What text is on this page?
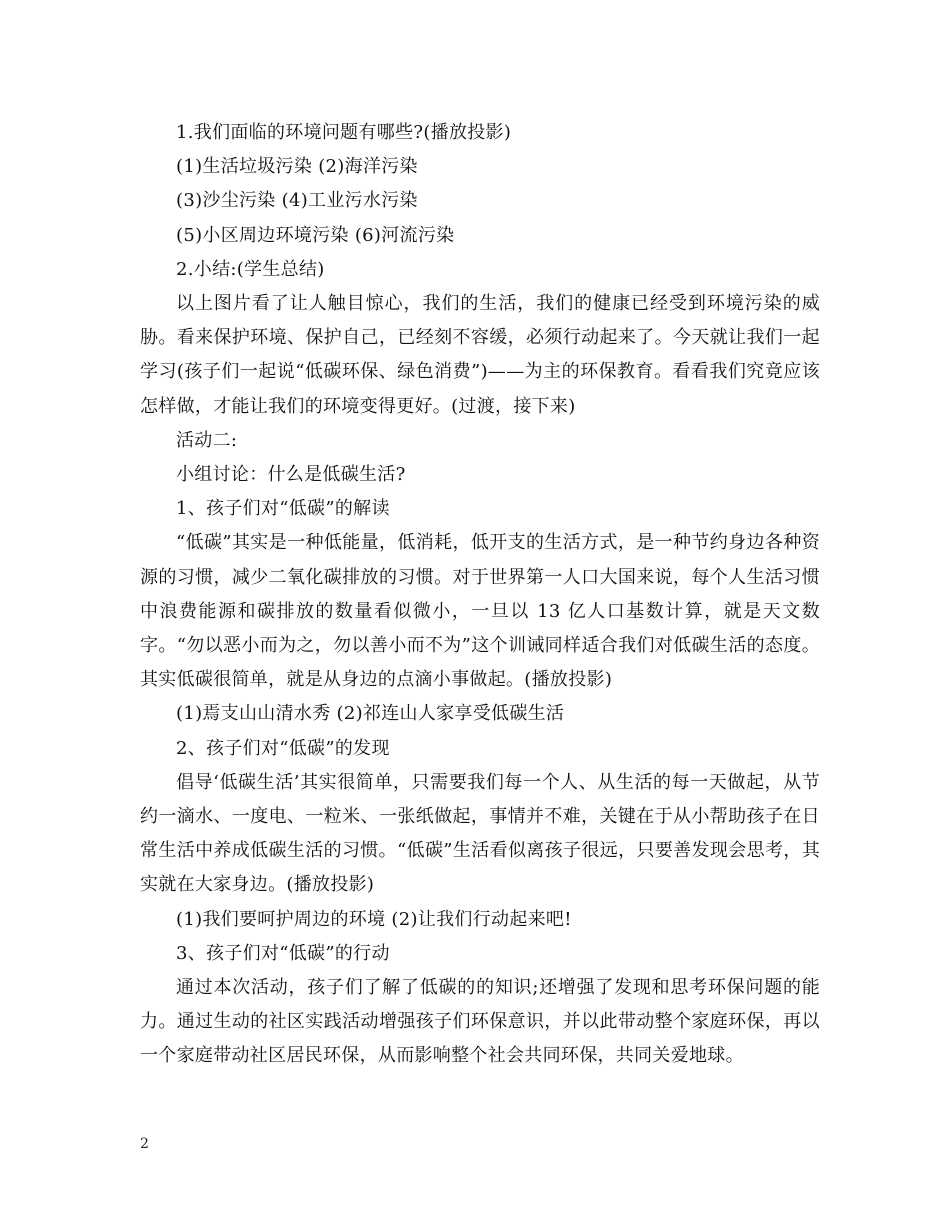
1.我们面临的环境问题有哪些?(播放投影)

(1)生活垃圾污染 (2)海洋污染

(3)沙尘污染 (4)工业污水污染

(5)小区周边环境污染 (6)河流污染

2.小结:(学生总结)

以上图片看了让人触目惊心，我们的生活，我们的健康已经受到环境污染的威胁。看来保护环境、保护自己，已经刻不容缓，必须行动起来了。今天就让我们一起学习(孩子们一起说“低碳环保、绿色消费”)——为主的环保教育。看看我们究竟应该怎样做，才能让我们的环境变得更好。(过渡，接下来)

活动二:

小组讨论：什么是低碳生活?

1、孩子们对“低碳”的解读

“低碳”其实是一种低能量，低消耗，低开支的生活方式，是一种节约身边各种资源的习惯，减少二氧化碳排放的习惯。对于世界第一人口大国来说，每个人生活习惯中浪费能源和碳排放的数量看似微小，一旦以 13 亿人口基数计算，就是天文数字。“勿以恶小而为之，勿以善小而不为”这个训诫同样适合我们对低碳生活的态度。其实低碳很简单，就是从身边的点滴小事做起。(播放投影)

(1)焉支山山清水秀 (2)祁连山人家享受低碳生活

2、孩子们对“低碳”的发现

倡导‘低碳生活’其实很简单，只需要我们每一个人、从生活的每一天做起，从节约一滴水、一度电、一粒米、一张纸做起，事情并不难，关键在于从小帮助孩子在日常生活中养成低碳生活的习惯。“低碳”生活看似离孩子很远，只要善发现会思考，其实就在大家身边。(播放投影)

(1)我们要呵护周边的环境 (2)让我们行动起来吧!

3、孩子们对“低碳”的行动

通过本次活动，孩子们了解了低碳的的知识;还增强了发现和思考环保问题的能力。通过生动的社区实践活动增强孩子们环保意识，并以此带动整个家庭环保，再以一个家庭带动社区居民环保，从而影响整个社会共同环保，共同关爱地球。

2
